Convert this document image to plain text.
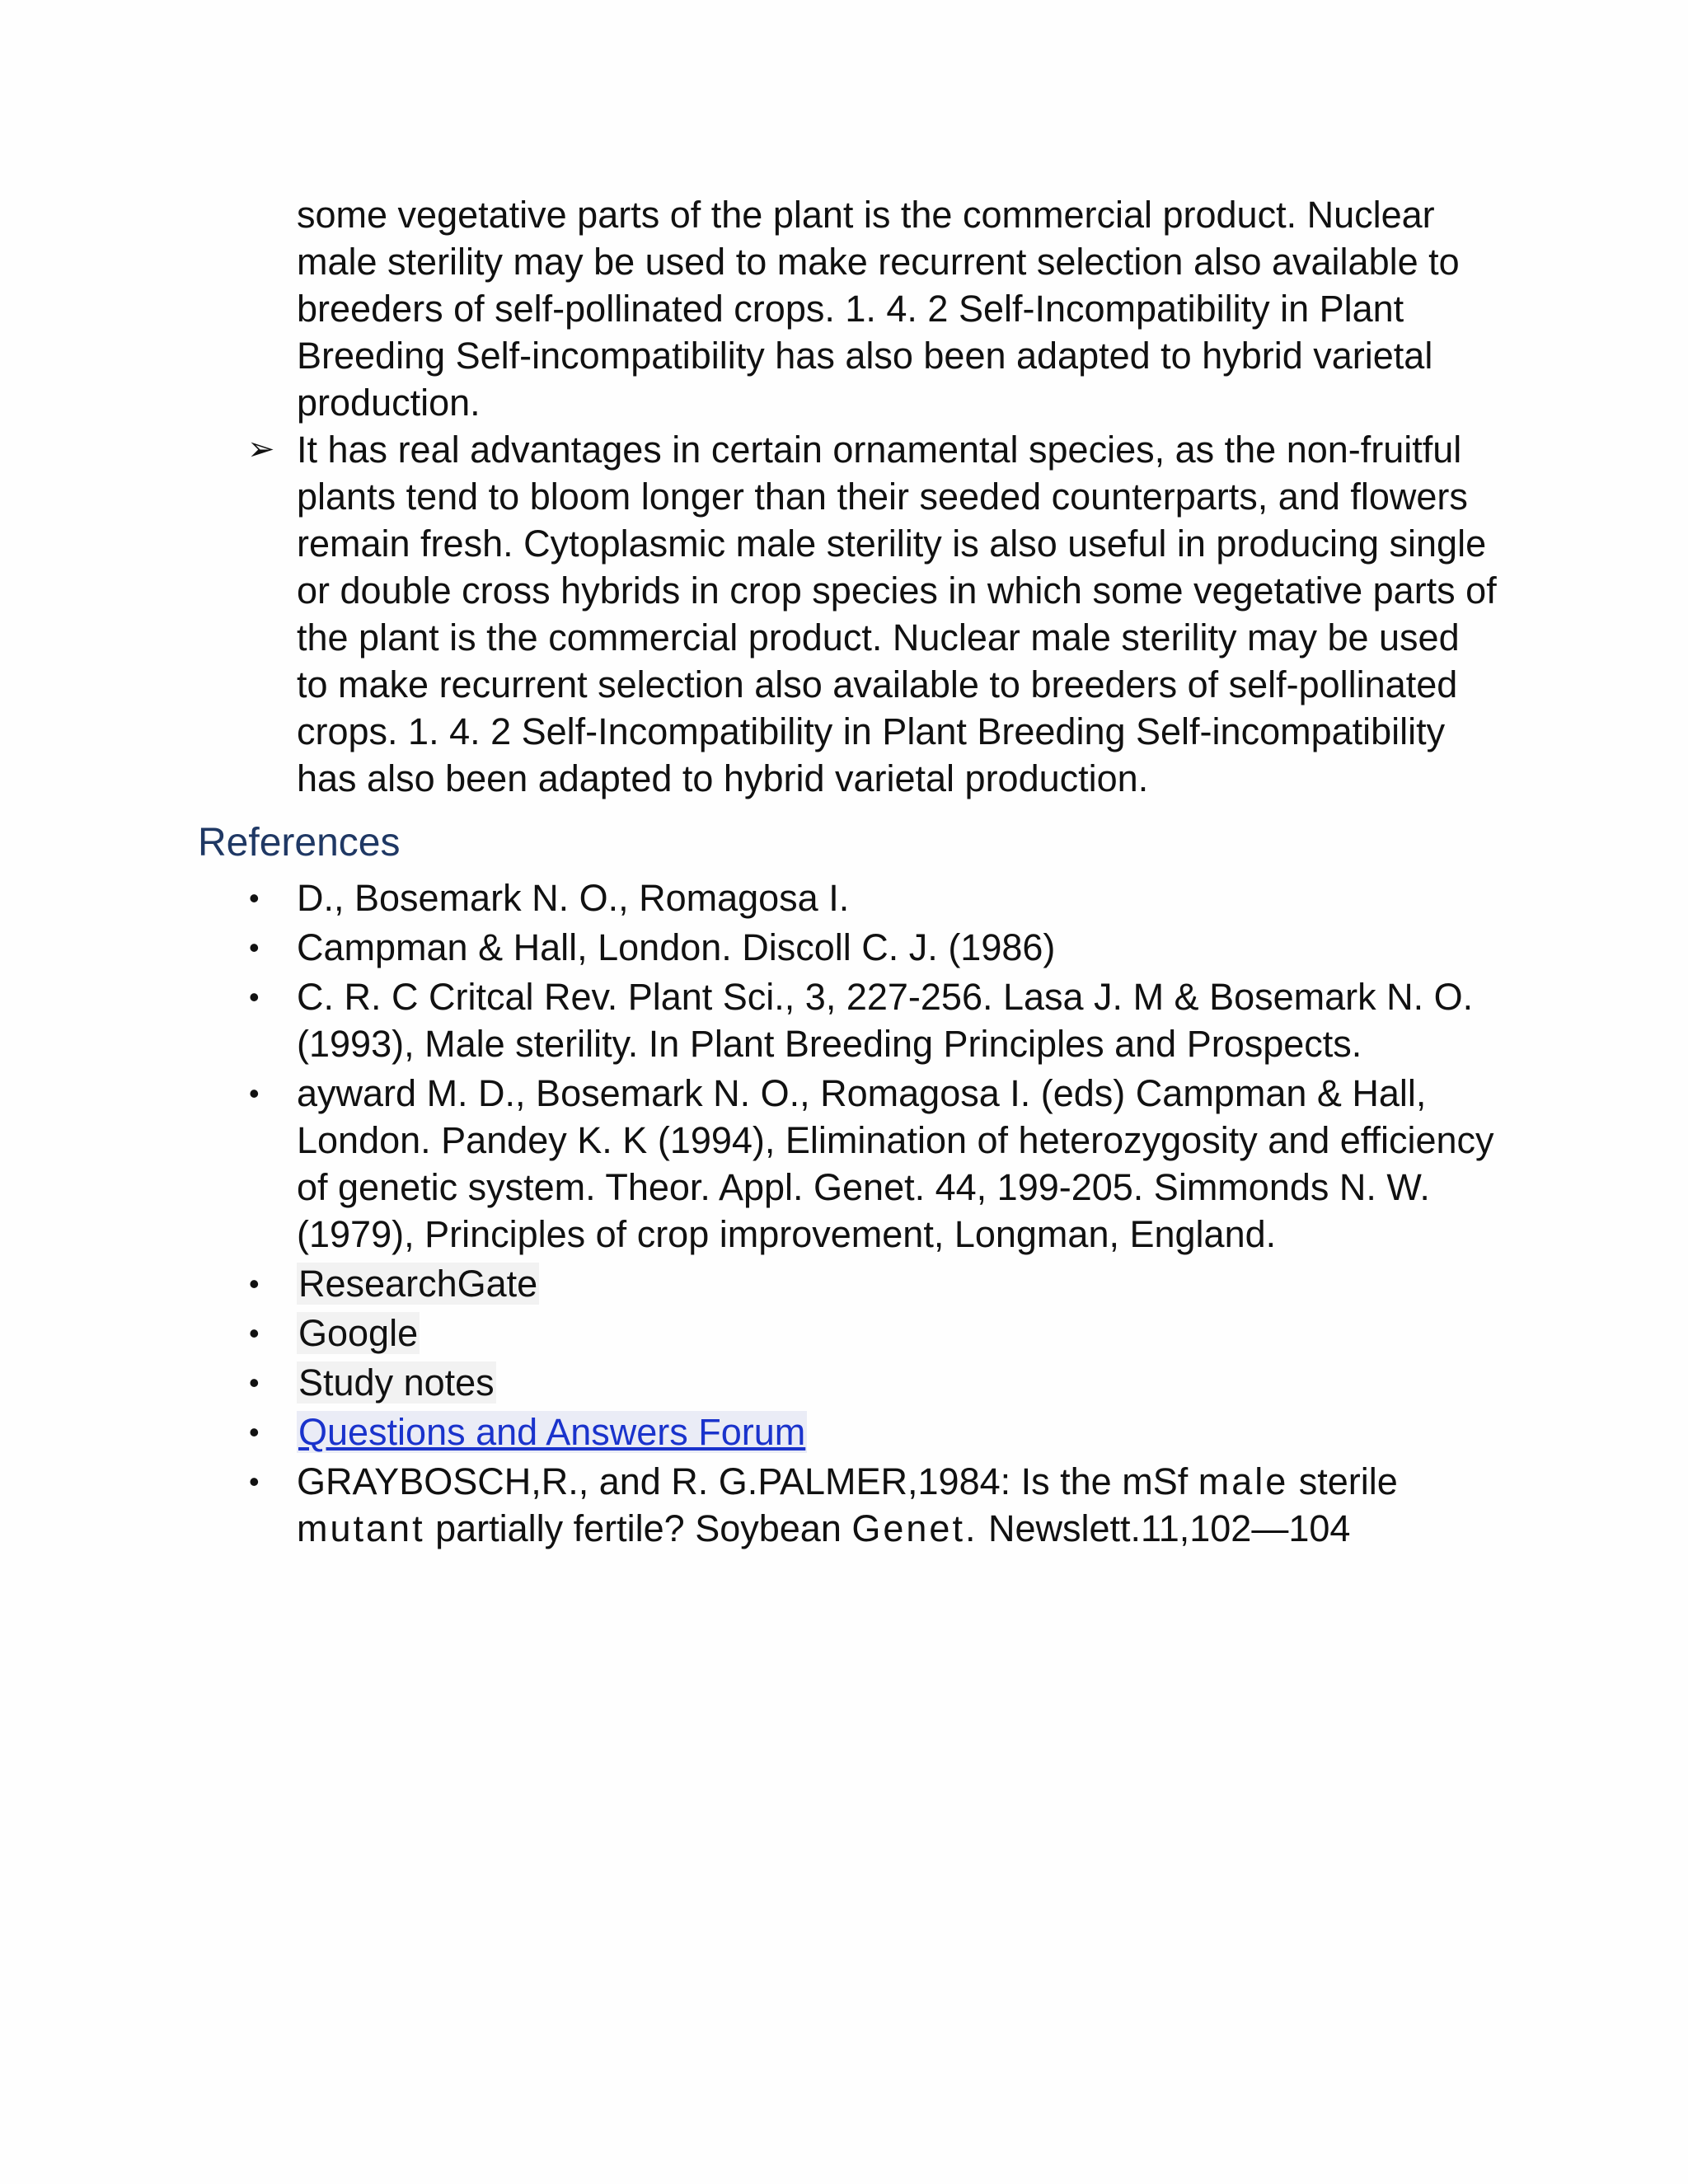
some vegetative parts of the plant is the commercial product. Nuclear male sterility may be used to make recurrent selection also available to breeders of self-pollinated crops. 1. 4. 2 Self-Incompatibility in Plant Breeding Self-incompatibility has also been adapted to hybrid varietal production.

➢ It has real advantages in certain ornamental species, as the non-fruitful plants tend to bloom longer than their seeded counterparts, and flowers remain fresh. Cytoplasmic male sterility is also useful in producing single or double cross hybrids in crop species in which some vegetative parts of the plant is the commercial product. Nuclear male sterility may be used to make recurrent selection also available to breeders of self-pollinated crops. 1. 4. 2 Self-Incompatibility in Plant Breeding Self-incompatibility has also been adapted to hybrid varietal production.
References
• D., Bosemark N. O., Romagosa I.
• Campman & Hall, London. Discoll C. J. (1986)
• C. R. C Critcal Rev. Plant Sci., 3, 227-256. Lasa J. M & Bosemark N. O. (1993), Male sterility. In Plant Breeding Principles and Prospects.
• ayward M. D., Bosemark N. O., Romagosa I. (eds) Campman & Hall, London. Pandey K. K (1994), Elimination of heterozygosity and efficiency of genetic system. Theor. Appl. Genet. 44, 199-205. Simmonds N. W. (1979), Principles of crop improvement, Longman, England.
• ResearchGate
• Google
• Study notes
• Questions and Answers Forum
• GRAYBOSCH,R., and R. G.PALMER,1984: Is the mSf male sterile mutant partially fertile? Soybean Genet. Newslett.11,102—104
